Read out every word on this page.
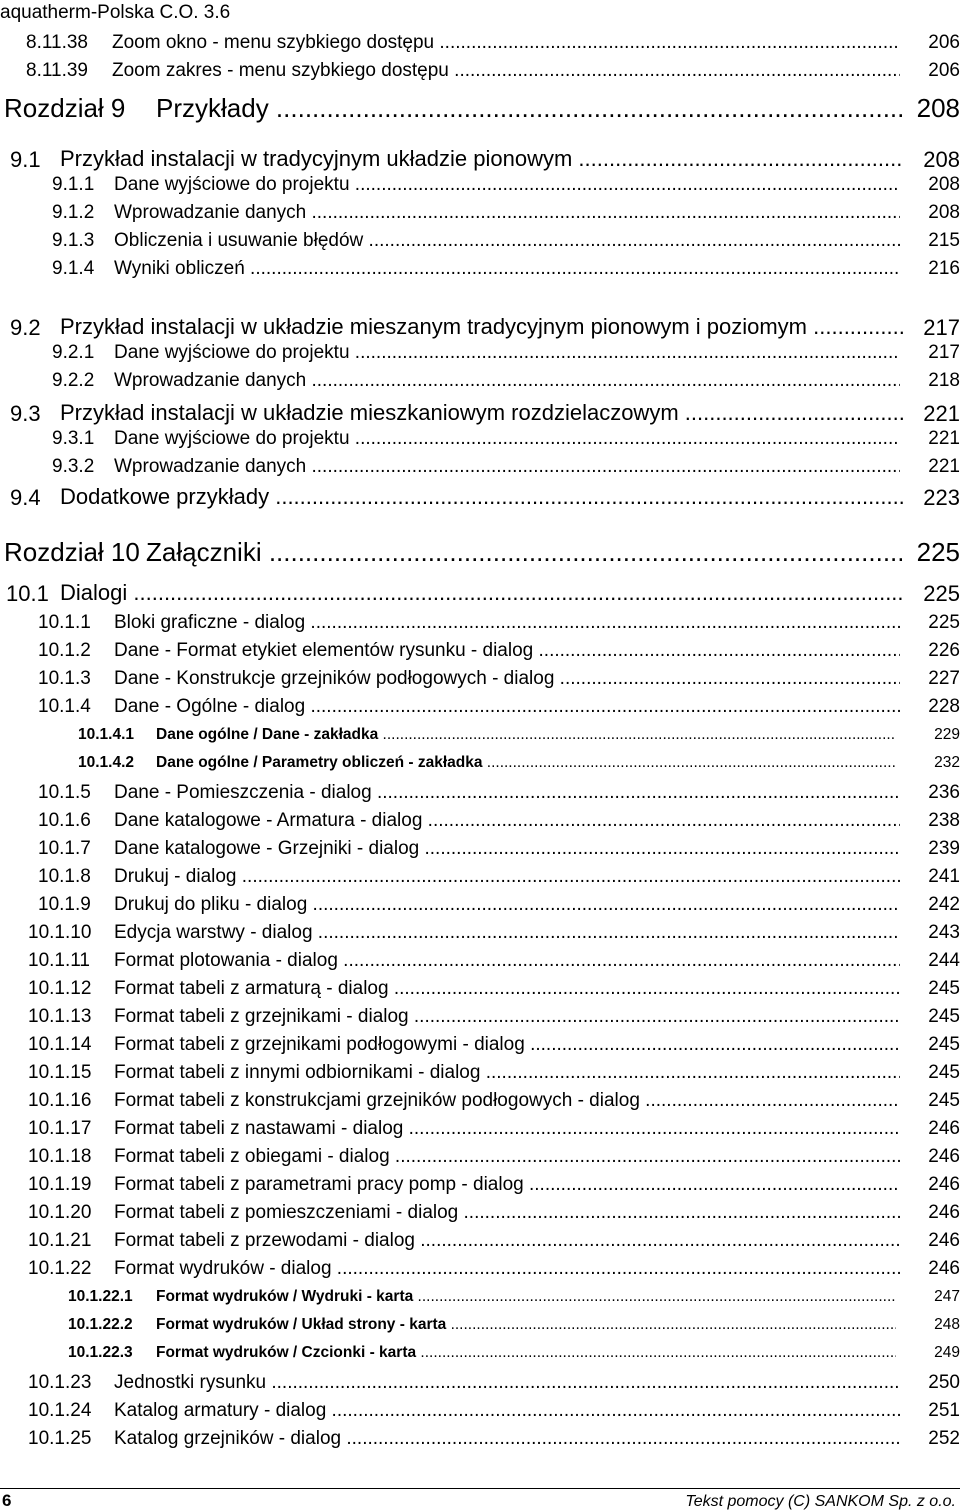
aquatherm-Polska C.O. 3.6
8.11.38 Zoom okno - menu szybkiego dostępu .....	206
8.11.39 Zoom zakres - menu szybkiego dostępu .....	206
Rozdział 9 Przykłady .....	208
9.1 Przykład instalacji w tradycyjnym układzie pionowym .....	208
9.1.1 Dane wyjściowe do projektu .....	208
9.1.2 Wprowadzanie danych .....	208
9.1.3 Obliczenia i usuwanie błędów .....	215
9.1.4 Wyniki obliczeń .....	216
9.2 Przykład instalacji w układzie mieszanym tradycyjnym pionowym i poziomym .....	217
9.2.1 Dane wyjściowe do projektu .....	217
9.2.2 Wprowadzanie danych .....	218
9.3 Przykład instalacji w układzie mieszkaniowym rozdzielaczowym .....	221
9.3.1 Dane wyjściowe do projektu .....	221
9.3.2 Wprowadzanie danych .....	221
9.4 Dodatkowe przykłady .....	223
Rozdział 10 Załączniki .....	225
10.1 Dialogi .....	225
10.1.1 Bloki graficzne - dialog .....	225
10.1.2 Dane - Format etykiet elementów rysunku - dialog .....	226
10.1.3 Dane - Konstrukcje grzejników podłogowych - dialog .....	227
10.1.4 Dane - Ogólne - dialog .....	228
10.1.4.1 Dane ogólne / Dane - zakładka .....	229
10.1.4.2 Dane ogólne / Parametry obliczeń - zakładka .....	232
10.1.5 Dane - Pomieszczenia - dialog .....	236
10.1.6 Dane katalogowe - Armatura - dialog .....	238
10.1.7 Dane katalogowe - Grzejniki - dialog .....	239
10.1.8 Drukuj - dialog .....	241
10.1.9 Drukuj do pliku - dialog .....	242
10.1.10 Edycja warstwy - dialog .....	243
10.1.11 Format plotowania - dialog .....	244
10.1.12 Format tabeli z armaturą - dialog .....	245
10.1.13 Format tabeli z grzejnikami - dialog .....	245
10.1.14 Format tabeli z grzejnikami podłogowymi - dialog .....	245
10.1.15 Format tabeli z innymi odbiornikami - dialog .....	245
10.1.16 Format tabeli z konstrukcjami grzejników podłogowych - dialog .....	245
10.1.17 Format tabeli z nastawami - dialog .....	246
10.1.18 Format tabeli z obiegami - dialog .....	246
10.1.19 Format tabeli z parametrami pracy pomp - dialog .....	246
10.1.20 Format tabeli z pomieszczeniami - dialog .....	246
10.1.21 Format tabeli z przewodami - dialog .....	246
10.1.22 Format wydruków - dialog .....	246
10.1.22.1 Format wydruków / Wydruki - karta .....	247
10.1.22.2 Format wydruków / Układ strony - karta .....	248
10.1.22.3 Format wydruków / Czcionki - karta .....	249
10.1.23 Jednostki rysunku .....	250
10.1.24 Katalog armatury - dialog .....	251
10.1.25 Katalog grzejników - dialog .....	252
6	Tekst pomocy (C) SANKOM Sp. z o.o.
